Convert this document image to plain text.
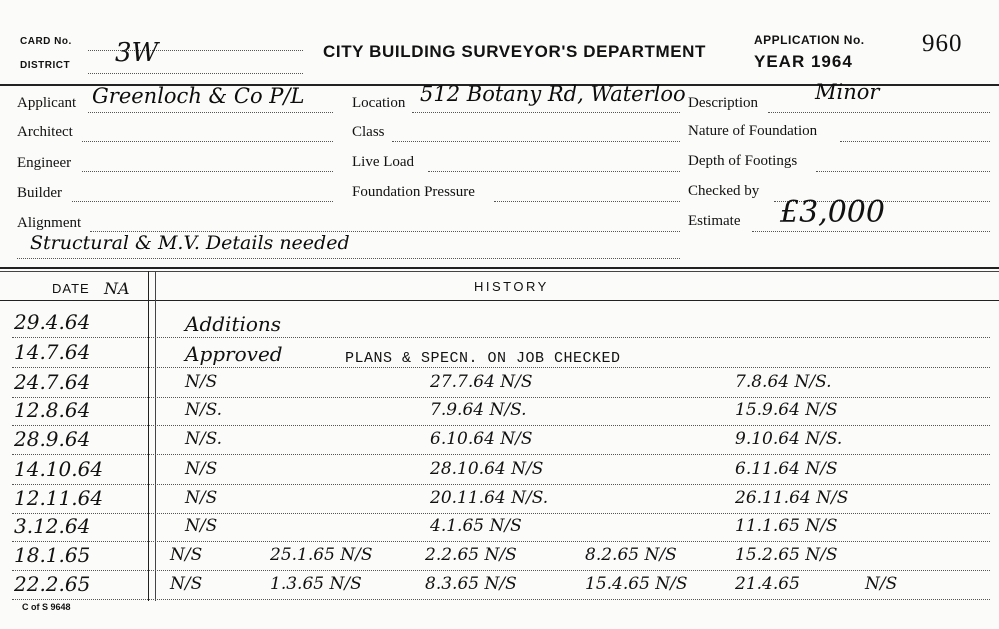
CARD No.
DISTRICT 3W	CITY BUILDING SURVEYOR'S DEPARTMENT
APPLICATION No. 960
YEAR 1964
Applicant Greenloch & Co P/L	Location 512 Botany Rd, Waterloo Description	Minor
Architect	Class	Nature of Foundation
Engineer	Live Load	Depth of Footings
Builder	Foundation Pressure	Checked by
Alignment	Estimate £3,000
Structural & M.V. Details needed
DATE NA	HISTORY
PLANS & SPECN. ON JOB CHECKED
29.4.64	Additions
14.7.64	Approved
24.7.64	N/S	27.7.64 N/S	7.8.64 N/S.
12.8.64	N/S.	7.9.64 N/S.	15.9.64 N/S
28.9.64	N/S.	6.10.64 N/S	9.10.64 N/S.
14.10.64	N/S	28.10.64 N/S	6.11.64 N/S
12.11.64	N/S	20.11.64 N/S.	26.11.64 N/S
3.12.64	N/S	4.1.65 N/S	11.1.65 N/S
18.1.65	N/S	25.1.65 N/S	2.2.65 N/S	8.2.65 N/S	15.2.65 N/S
22.2.65	N/S	1.3.65 N/S	8.3.65 N/S	15.4.65 N/S	21.4.65	N/S
C of S 9648
